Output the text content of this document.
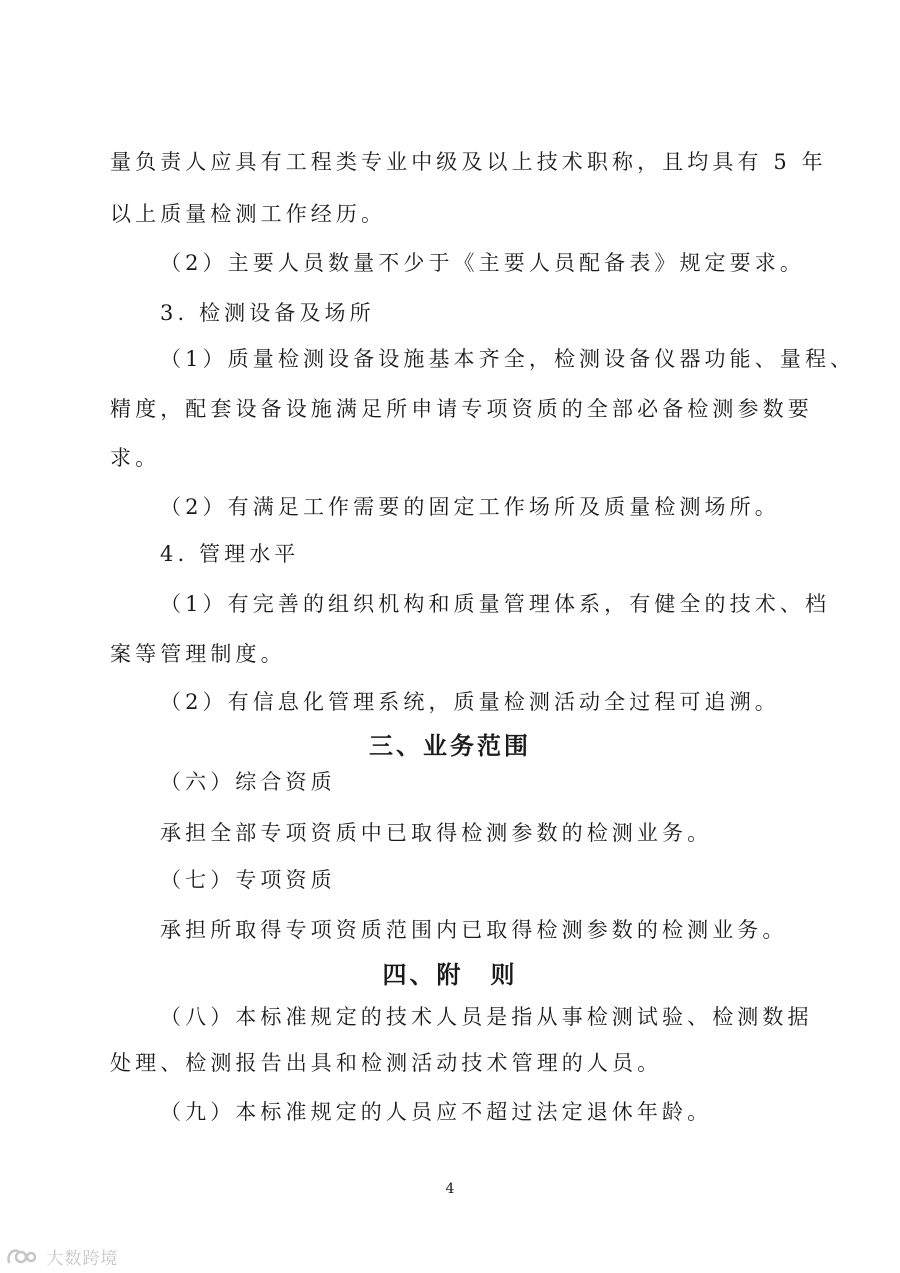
量负责人应具有工程类专业中级及以上技术职称，且均具有 5 年
以上质量检测工作经历。
（2）主要人员数量不少于《主要人员配备表》规定要求。
3. 检测设备及场所
（1）质量检测设备设施基本齐全，检测设备仪器功能、量程、
精度，配套设备设施满足所申请专项资质的全部必备检测参数要
求。
（2）有满足工作需要的固定工作场所及质量检测场所。
4. 管理水平
（1）有完善的组织机构和质量管理体系，有健全的技术、档
案等管理制度。
（2）有信息化管理系统，质量检测活动全过程可追溯。
三、业务范围
（六）综合资质
承担全部专项资质中已取得检测参数的检测业务。
（七）专项资质
承担所取得专项资质范围内已取得检测参数的检测业务。
四、附　则
（八）本标准规定的技术人员是指从事检测试验、检测数据
处理、检测报告出具和检测活动技术管理的人员。
（九）本标准规定的人员应不超过法定退休年龄。
4
大数跨境
